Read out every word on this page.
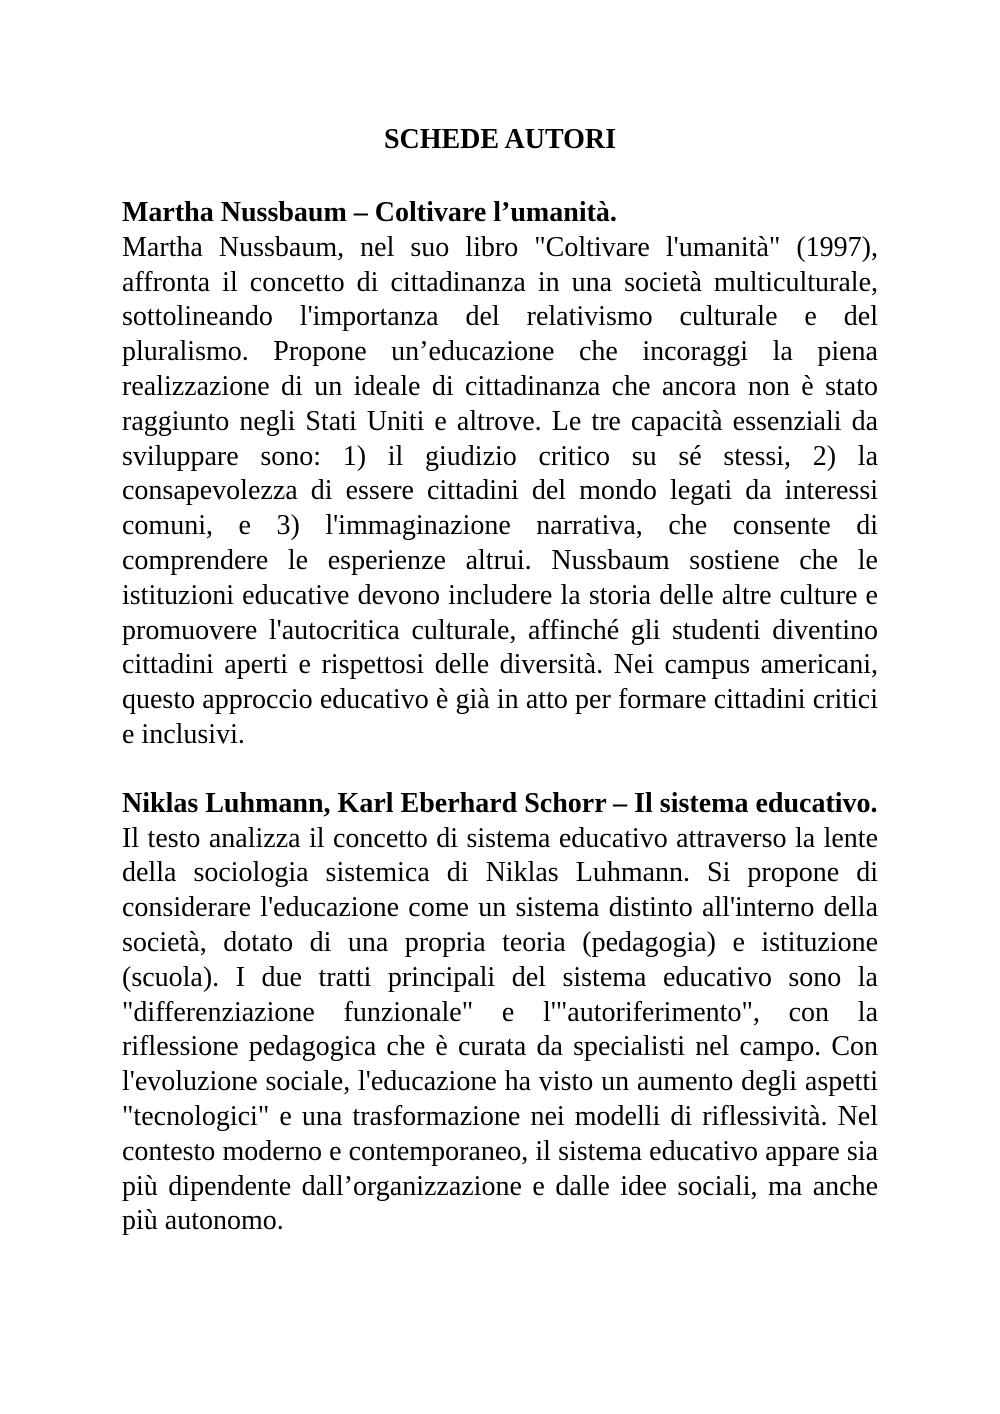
SCHEDE AUTORI

Martha Nussbaum – Coltivare l’umanità.

Martha Nussbaum, nel suo libro "Coltivare l'umanità" (1997), affronta il concetto di cittadinanza in una società multiculturale, sottolineando l'importanza del relativismo culturale e del pluralismo. Propone un’educazione che incoraggi la piena realizzazione di un ideale di cittadinanza che ancora non è stato raggiunto negli Stati Uniti e altrove. Le tre capacità essenziali da sviluppare sono: 1) il giudizio critico su sé stessi, 2) la consapevolezza di essere cittadini del mondo legati da interessi comuni, e 3) l'immaginazione narrativa, che consente di comprendere le esperienze altrui. Nussbaum sostiene che le istituzioni educative devono includere la storia delle altre culture e promuovere l'autocritica culturale, affinché gli studenti diventino cittadini aperti e rispettosi delle diversità. Nei campus americani, questo approccio educativo è già in atto per formare cittadini critici e inclusivi.

Niklas Luhmann, Karl Eberhard Schorr – Il sistema educativo.

Il testo analizza il concetto di sistema educativo attraverso la lente della sociologia sistemica di Niklas Luhmann. Si propone di considerare l'educazione come un sistema distinto all'interno della società, dotato di una propria teoria (pedagogia) e istituzione (scuola). I due tratti principali del sistema educativo sono la "differenziazione funzionale" e l'"autoriferimento", con la riflessione pedagogica che è curata da specialisti nel campo. Con l'evoluzione sociale, l'educazione ha visto un aumento degli aspetti "tecnologici" e una trasformazione nei modelli di riflessività. Nel contesto moderno e contemporaneo, il sistema educativo appare sia più dipendente dall’organizzazione e dalle idee sociali, ma anche più autonomo.
